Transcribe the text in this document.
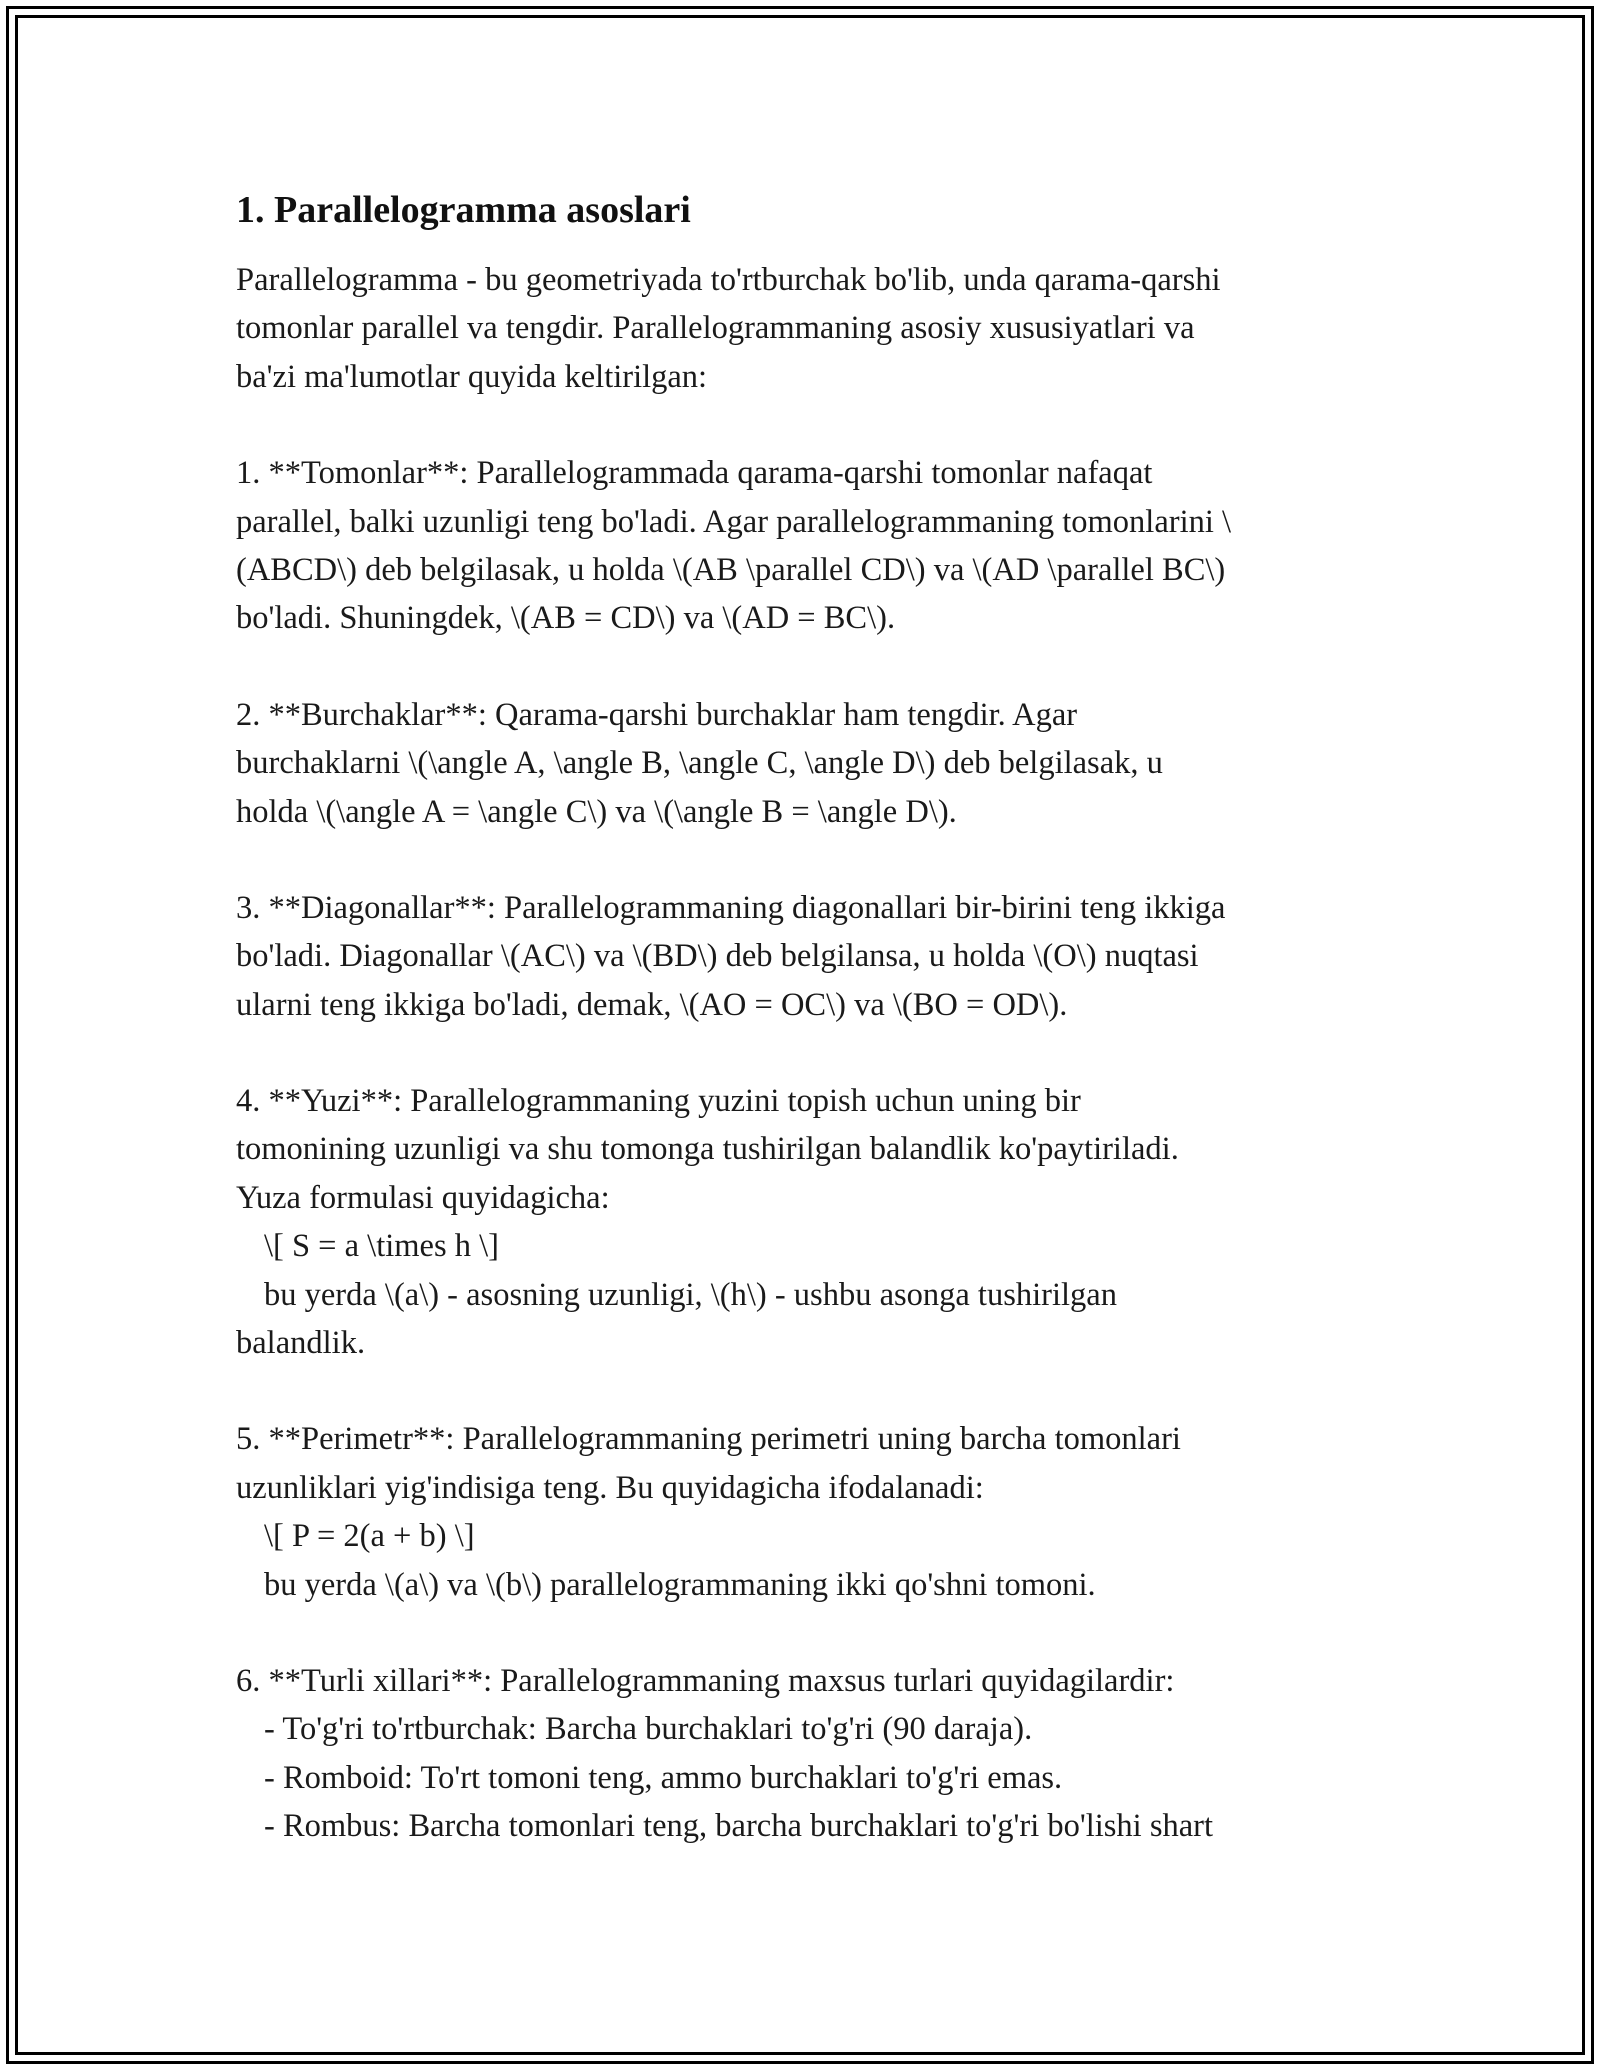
1. Parallelogramma asoslari

Parallelogramma - bu geometriyada to'rtburchak bo'lib, unda qarama-qarshi
tomonlar parallel va tengdir. Parallelogrammaning asosiy xususiyatlari va
ba'zi ma'lumotlar quyida keltirilgan:

1. **Tomonlar**: Parallelogrammada qarama-qarshi tomonlar nafaqat
parallel, balki uzunligi teng bo'ladi. Agar parallelogrammaning tomonlarini \
(ABCD\) deb belgilasak, u holda \(AB \parallel CD\) va \(AD \parallel BC\)
bo'ladi. Shuningdek, \(AB = CD\) va \(AD = BC\).

2. **Burchaklar**: Qarama-qarshi burchaklar ham tengdir. Agar
burchaklarni \(\angle A, \angle B, \angle C, \angle D\) deb belgilasak, u
holda \(\angle A = \angle C\) va \(\angle B = \angle D\).

3. **Diagonallar**: Parallelogrammaning diagonallari bir-birini teng ikkiga
bo'ladi. Diagonallar \(AC\) va \(BD\) deb belgilansa, u holda \(O\) nuqtasi
ularni teng ikkiga bo'ladi, demak, \(AO = OC\) va \(BO = OD\).

4. **Yuzi**: Parallelogrammaning yuzini topish uchun uning bir
tomonining uzunligi va shu tomonga tushirilgan balandlik ko'paytiriladi.
Yuza formulasi quyidagicha:
\[ S = a \times h \]
bu yerda \(a\) - asosning uzunligi, \(h\) - ushbu asonga tushirilgan
balandlik.

5. **Perimetr**: Parallelogrammaning perimetri uning barcha tomonlari
uzunliklari yig'indisiga teng. Bu quyidagicha ifodalanadi:
\[ P = 2(a + b) \]
bu yerda \(a\) va \(b\) parallelogrammaning ikki qo'shni tomoni.

6. **Turli xillari**: Parallelogrammaning maxsus turlari quyidagilardir:
- To'g'ri to'rtburchak: Barcha burchaklari to'g'ri (90 daraja).
- Romboid: To'rt tomoni teng, ammo burchaklari to'g'ri emas.
- Rombus: Barcha tomonlari teng, barcha burchaklari to'g'ri bo'lishi shart
